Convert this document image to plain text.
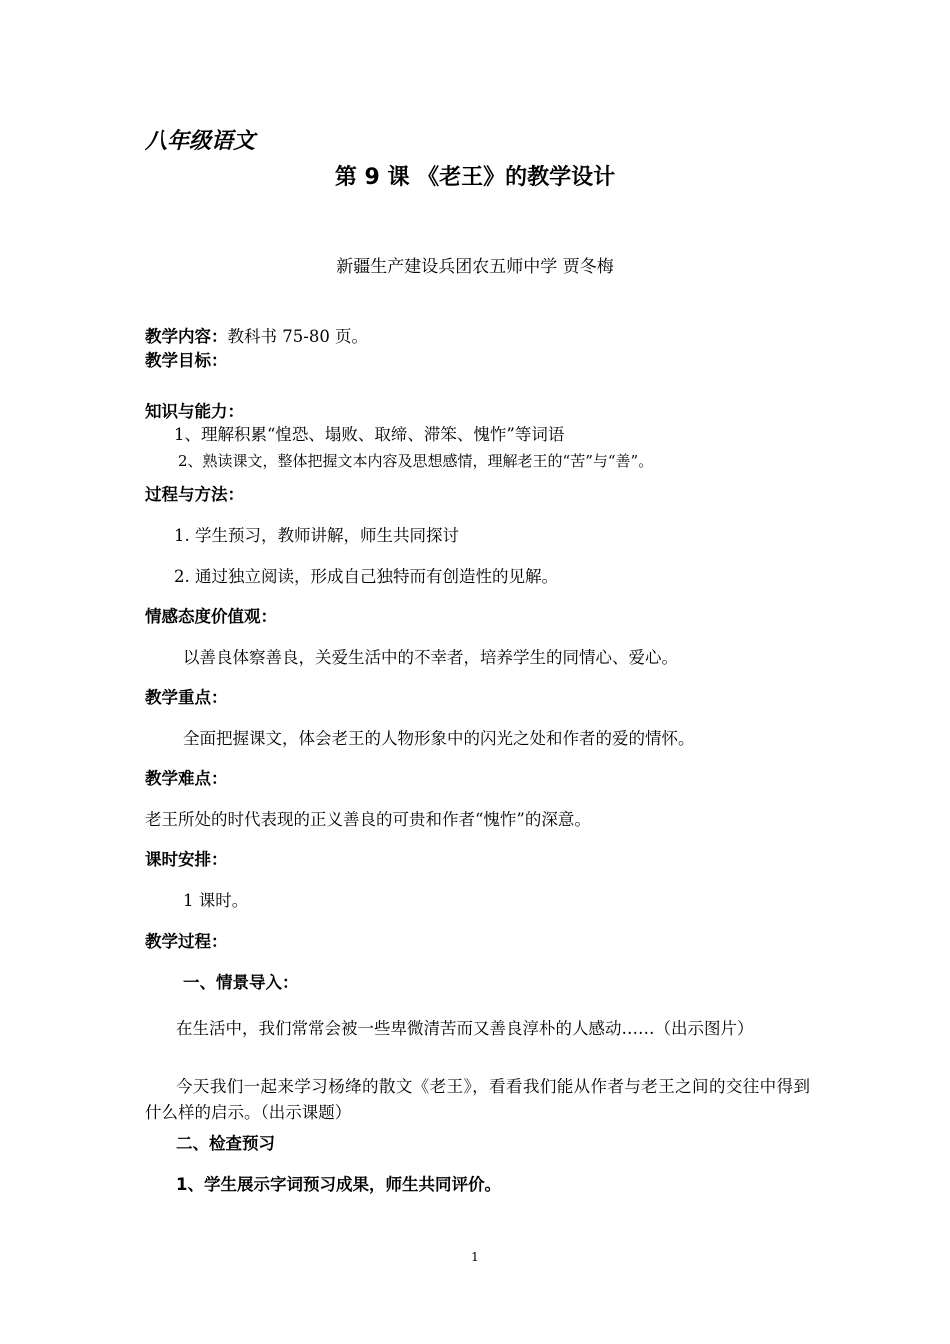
八年级语文
第 9 课 《老王》的教学设计
新疆生产建设兵团农五师中学 贾冬梅
教学内容：教科书 75-80 页。
教学目标：
知识与能力：
1、理解积累“惶恐、塌败、取缔、滞笨、愧怍”等词语
2、熟读课文，整体把握文本内容及思想感情，理解老王的“苦”与“善”。
过程与方法：
1. 学生预习，教师讲解，师生共同探讨
2. 通过独立阅读，形成自己独特而有创造性的见解。
情感态度价值观：
以善良体察善良，关爱生活中的不幸者，培养学生的同情心、爱心。
教学重点：
全面把握课文，体会老王的人物形象中的闪光之处和作者的爱的情怀。
教学难点：
老王所处的时代表现的正义善良的可贵和作者“愧怍”的深意。
课时安排：
1 课时。
教学过程：
一、情景导入：
在生活中，我们常常会被一些卑微清苦而又善良淳朴的人感动……（出示图片）
今天我们一起来学习杨绛的散文《老王》，看看我们能从作者与老王之间的交往中得到什么样的启示。（出示课题）
二、检查预习
1、学生展示字词预习成果，师生共同评价。
1
